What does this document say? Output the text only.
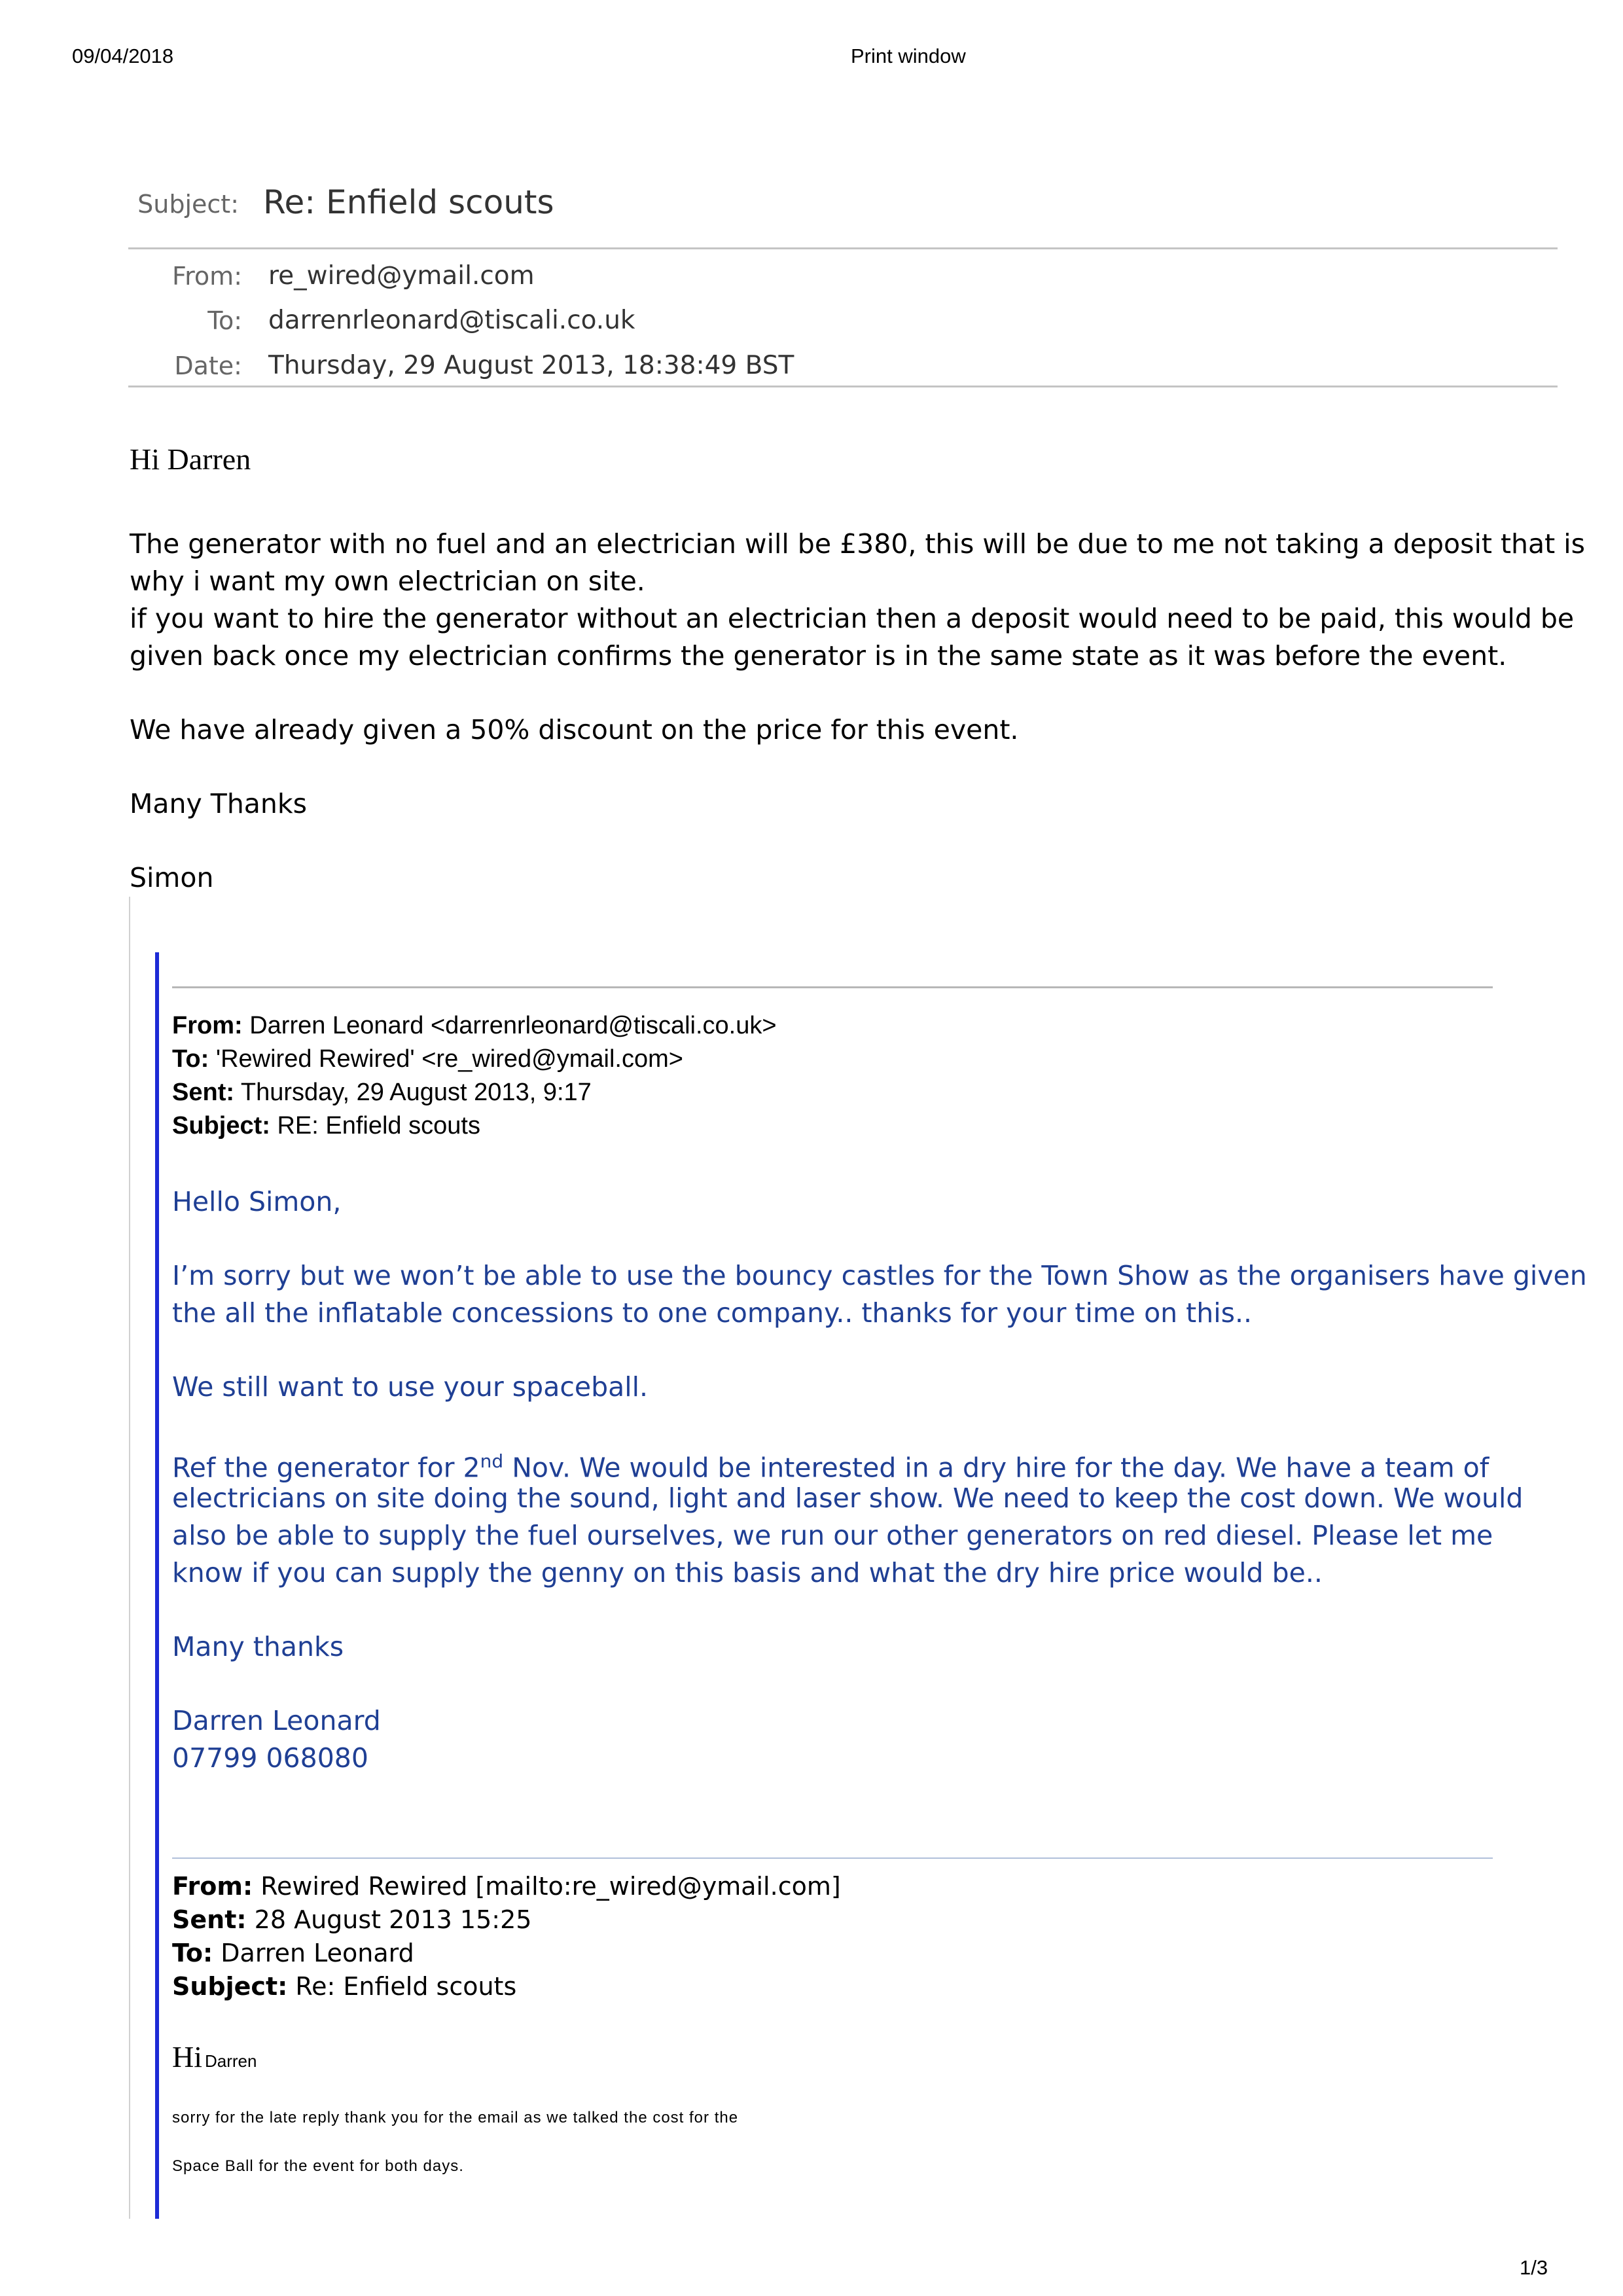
09/04/2018	Print window
Subject: Re: Enfield scouts
From: re_wired@ymail.com
To: darrenrleonard@tiscali.co.uk
Date: Thursday, 29 August 2013, 18:38:49 BST
Hi Darren
The generator with no fuel and an electrician will be £380, this will be due to me not taking a deposit that is
why i want my own electrician on site.
if you want to hire the generator without an electrician then a deposit would need to be paid, this would be
given back once my electrician confirms the generator is in the same state as it was before the event.
We have already given a 50% discount on the price for this event.
Many Thanks
Simon
From: Darren Leonard <darrenrleonard@tiscali.co.uk>
To: 'Rewired Rewired' <re_wired@ymail.com>
Sent: Thursday, 29 August 2013, 9:17
Subject: RE: Enfield scouts
Hello Simon,
I’m sorry but we won’t be able to use the bouncy castles for the Town Show as the organisers have given
the all the inflatable concessions to one company.. thanks for your time on this..
We still want to use your spaceball.
Ref the generator for 2nd Nov. We would be interested in a dry hire for the day. We have a team of
electricians on site doing the sound, light and laser show. We need to keep the cost down. We would
also be able to supply the fuel ourselves, we run our other generators on red diesel. Please let me
know if you can supply the genny on this basis and what the dry hire price would be..
Many thanks
Darren Leonard
07799 068080
From: Rewired Rewired [mailto:re_wired@ymail.com]
Sent: 28 August 2013 15:25
To: Darren Leonard
Subject: Re: Enfield scouts
Hi Darren
sorry for the late reply thank you for the email as we talked the cost for the
Space Ball for the event for both days.
1/3
